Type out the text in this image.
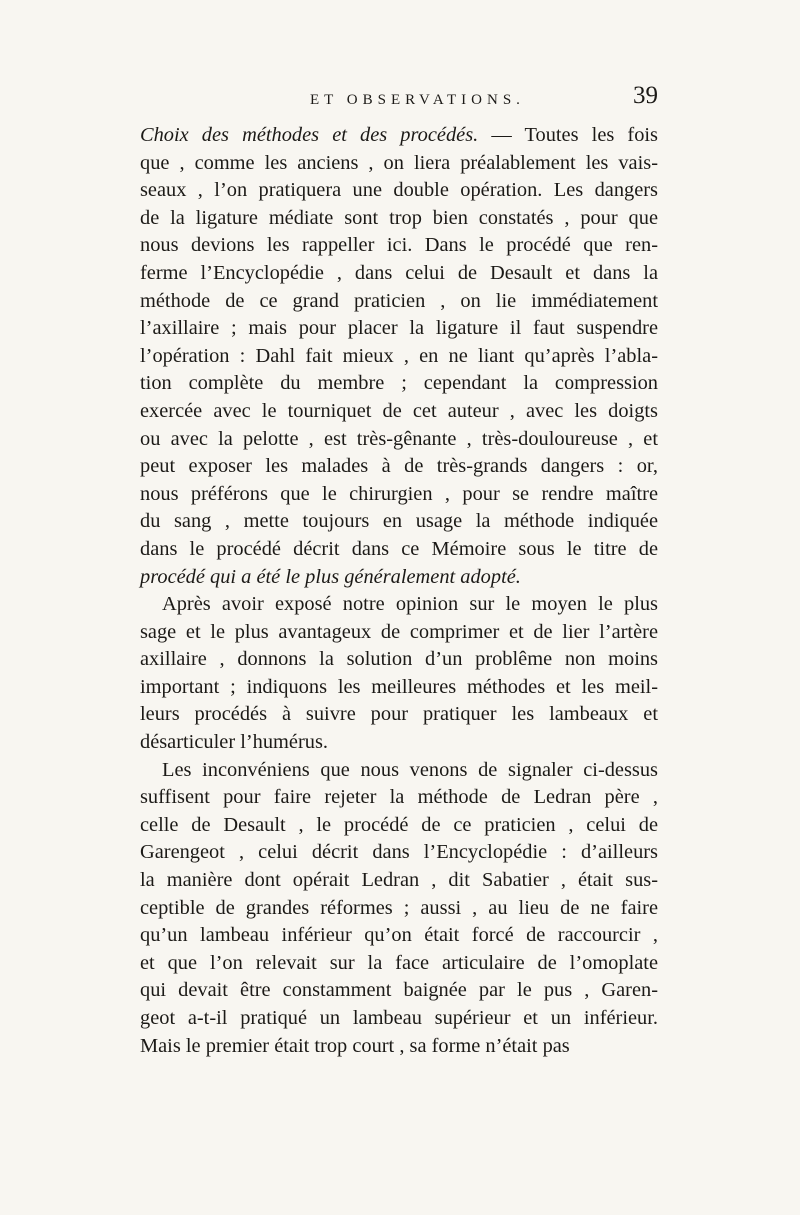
ET OBSERVATIONS.	39

Choix des méthodes et des procédés. — Toutes les fois
que , comme les anciens , on liera préalablement les vais-
seaux , l’on pratiquera une double opération. Les dangers
de la ligature médiate sont trop bien constatés , pour que
nous devions les rappeller ici. Dans le procédé que ren-
ferme l’Encyclopédie , dans celui de Desault et dans la
méthode de ce grand praticien , on lie immédiatement
l’axillaire ; mais pour placer la ligature il faut suspendre
l’opération : Dahl fait mieux , en ne liant qu’après l’abla-
tion complète du membre ; cependant la compression
exercée avec le tourniquet de cet auteur , avec les doigts
ou avec la pelotte , est très-gênante , très-douloureuse , et
peut exposer les malades à de très-grands dangers : or,
nous préférons que le chirurgien , pour se rendre maître
du sang , mette toujours en usage la méthode indiquée
dans le procédé décrit dans ce Mémoire sous le titre de
procédé qui a été le plus généralement adopté.

Après avoir exposé notre opinion sur le moyen le plus
sage et le plus avantageux de comprimer et de lier l’artère
axillaire , donnons la solution d’un problême non moins
important ; indiquons les meilleures méthodes et les meil-
leurs procédés à suivre pour pratiquer les lambeaux et
désarticuler l’humérus.

Les inconvéniens que nous venons de signaler ci-dessus
suffisent pour faire rejeter la méthode de Ledran père ,
celle de Desault , le procédé de ce praticien , celui de
Garengeot , celui décrit dans l’Encyclopédie : d’ailleurs
la manière dont opérait Ledran , dit Sabatier , était sus-
ceptible de grandes réformes ; aussi , au lieu de ne faire
qu’un lambeau inférieur qu’on était forcé de raccourcir ,
et que l’on relevait sur la face articulaire de l’omoplate
qui devait être constamment baignée par le pus , Garen-
geot a-t-il pratiqué un lambeau supérieur et un inférieur.
Mais le premier était trop court , sa forme n’était pas
